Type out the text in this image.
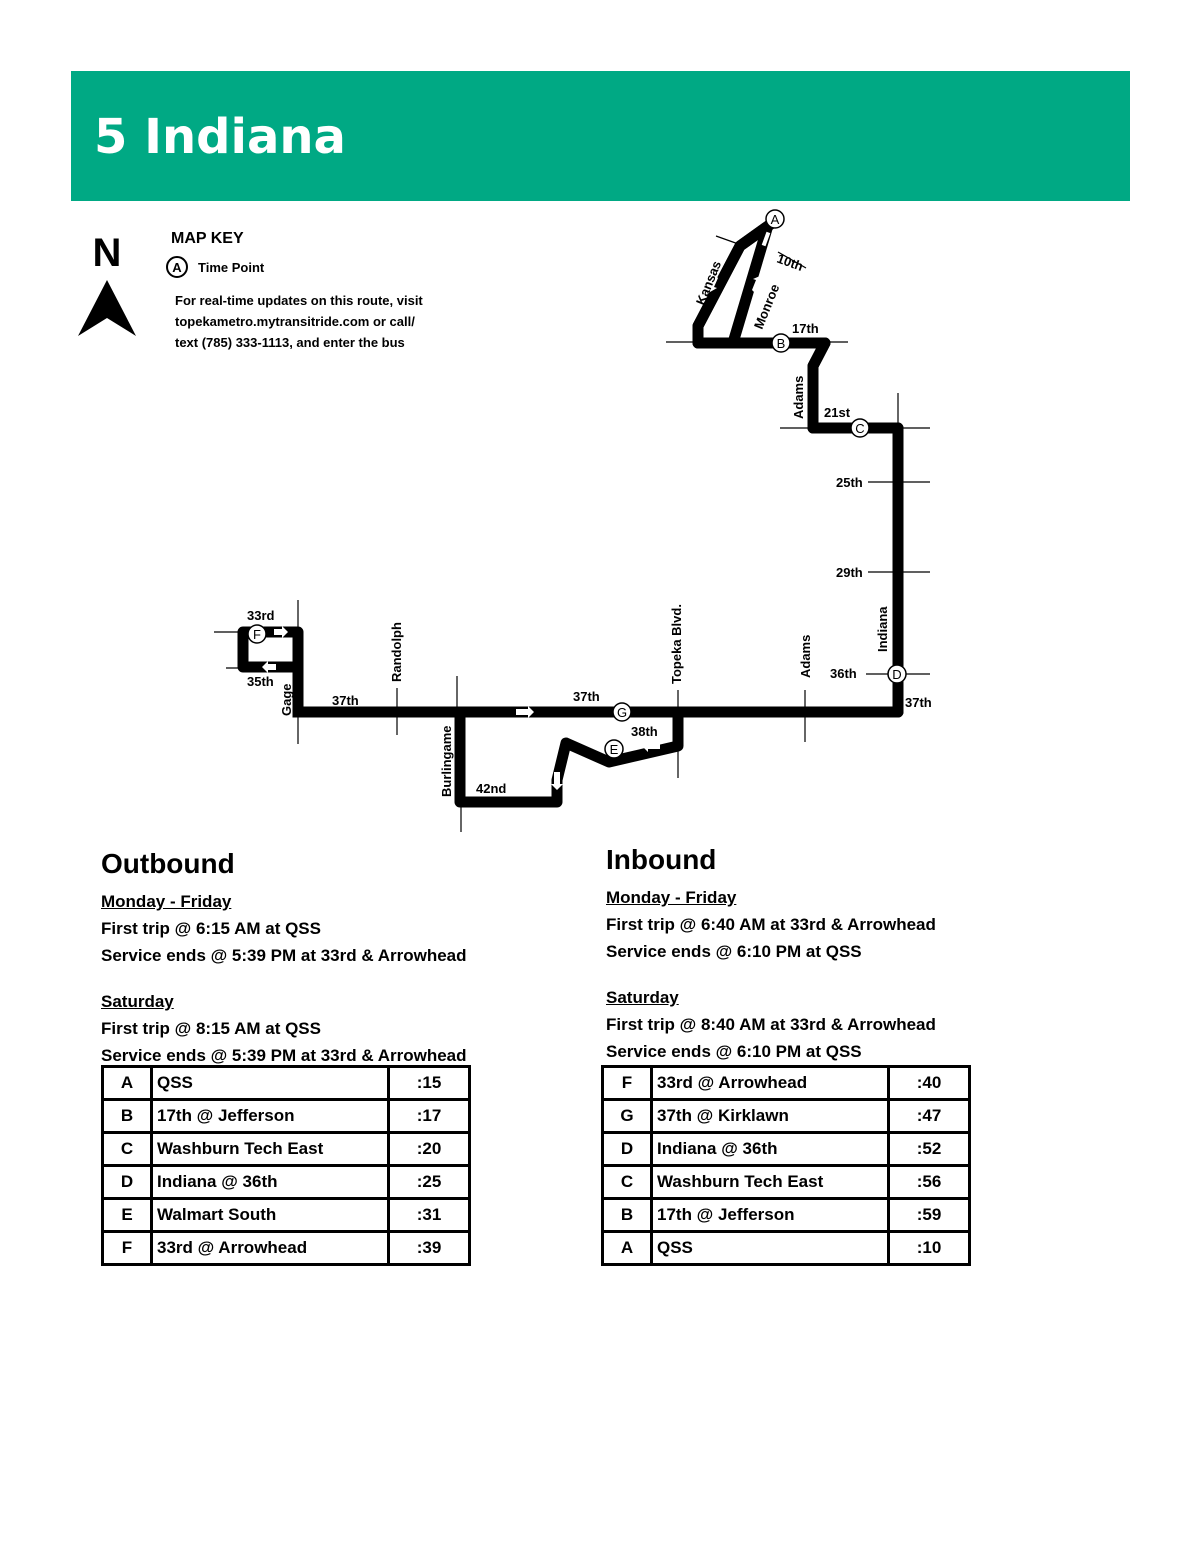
5 Indiana
N	MAP KEY
A	Time Point
For real-time updates on this route, visit topekametro.mytransitride.com or call/ text (785) 333-1113, and enter the bus
A
B
C
D
E
F
G
Kansas Monroe
10th
17th
Adams 21st
25th
29th
Indiana
36th
37th
Adams
Topeka Blvd.
37th
38th
Randolph
37th
Burlingame 42nd
33rd
35th
Gage
Outbound
Monday - Friday
First trip @ 6:15 AM at QSS
Service ends @ 5:39 PM at 33rd & Arrowhead
Saturday
First trip @ 8:15 AM at QSS
Service ends @ 5:39 PM at 33rd & Arrowhead
Inbound
Monday - Friday
First trip @ 6:40 AM at 33rd & Arrowhead
Service ends @ 6:10 PM at QSS
Saturday
First trip @ 8:40 AM at 33rd & Arrowhead
Service ends @ 6:10 PM at QSS
A	QSS	:15
B	17th @ Jefferson	:17
C	Washburn Tech East	:20
D	Indiana @ 36th	:25
E	Walmart South	:31
F	33rd @ Arrowhead	:39
F	33rd @ Arrowhead	:40
G	37th @ Kirklawn	:47
D	Indiana @ 36th	:52
C	Washburn Tech East	:56
B	17th @ Jefferson	:59
A	QSS	:10
